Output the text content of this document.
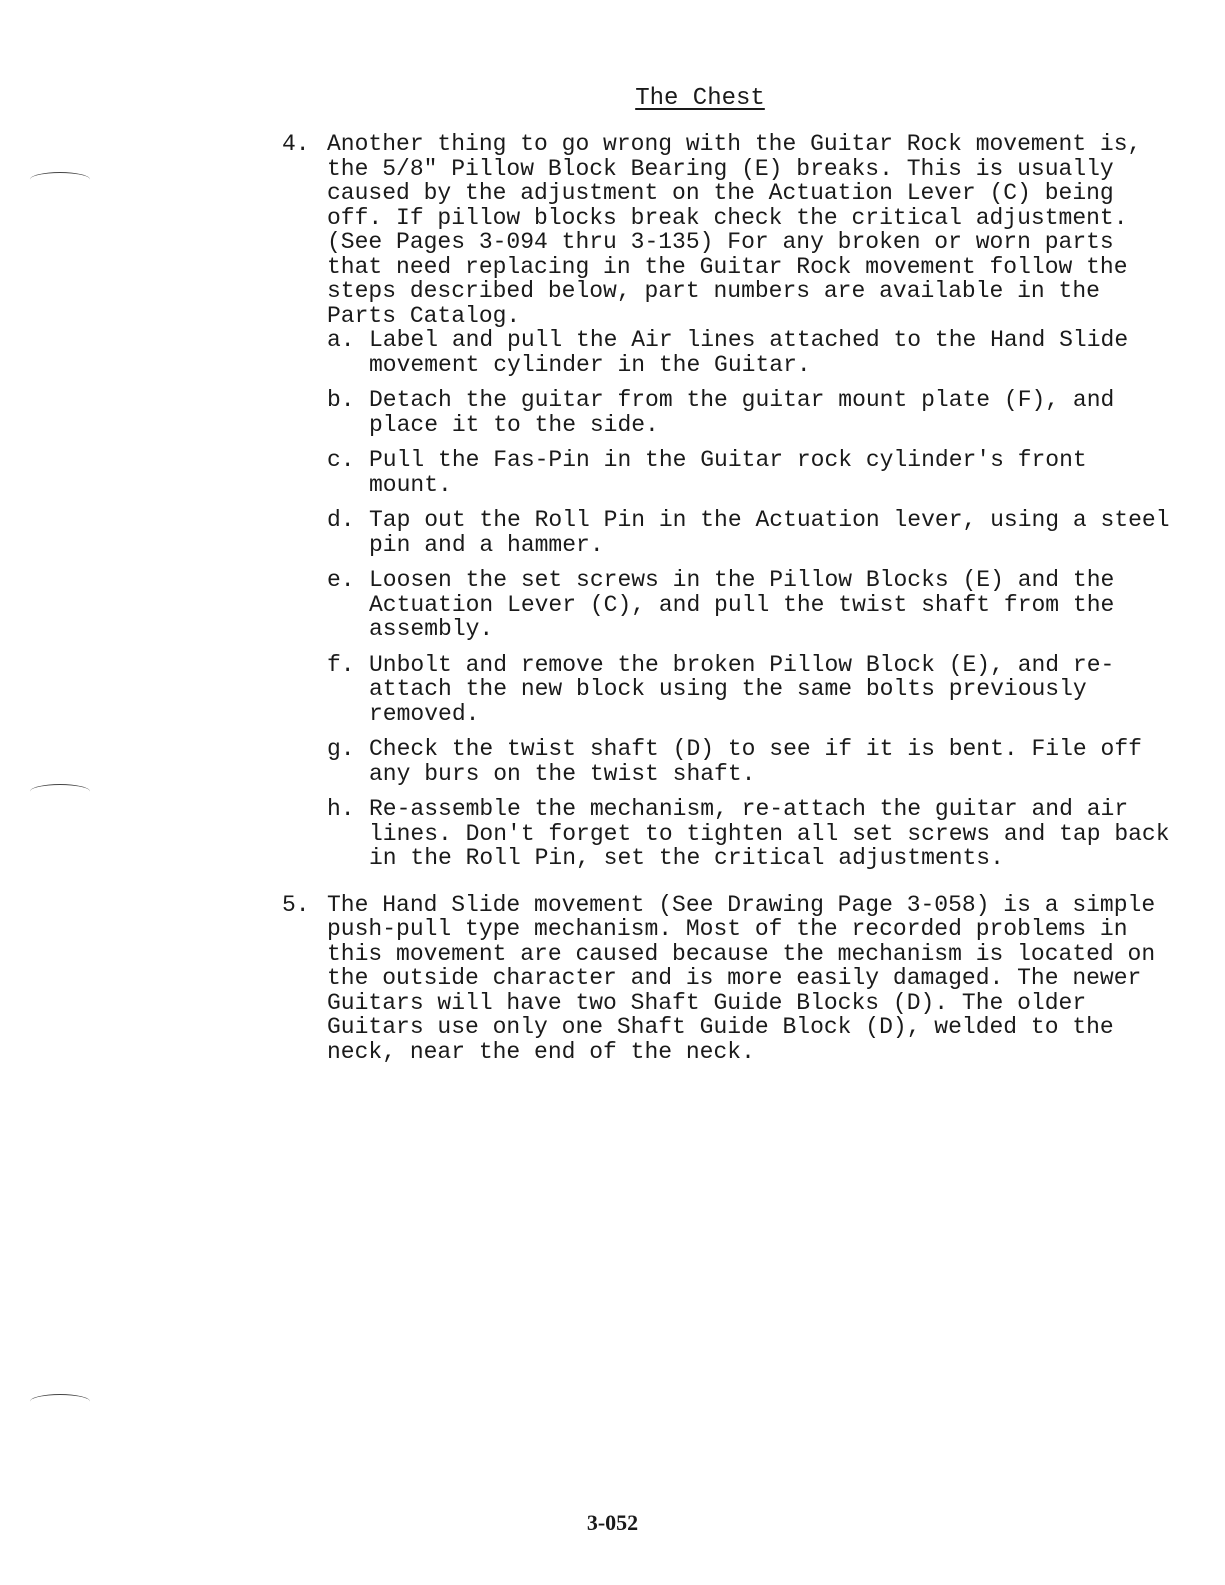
The Chest
4. Another thing to go wrong with the Guitar Rock movement is, the 5/8" Pillow Block Bearing (E) breaks. This is usually caused by the adjustment on the Actuation Lever (C) being off. If pillow blocks break check the critical adjustment. (See Pages 3-094 thru 3-135) For any broken or worn parts that need replacing in the Guitar Rock movement follow the steps described below, part numbers are available in the Parts Catalog.
a. Label and pull the Air lines attached to the Hand Slide movement cylinder in the Guitar.
b. Detach the guitar from the guitar mount plate (F), and place it to the side.
c. Pull the Fas-Pin in the Guitar rock cylinder's front mount.
d. Tap out the Roll Pin in the Actuation lever, using a steel pin and a hammer.
e. Loosen the set screws in the Pillow Blocks (E) and the Actuation Lever (C), and pull the twist shaft from the assembly.
f. Unbolt and remove the broken Pillow Block (E), and re-attach the new block using the same bolts previously removed.
g. Check the twist shaft (D) to see if it is bent. File off any burs on the twist shaft.
h. Re-assemble the mechanism, re-attach the guitar and air lines. Don't forget to tighten all set screws and tap back in the Roll Pin, set the critical adjustments.
5. The Hand Slide movement (See Drawing Page 3-058) is a simple push-pull type mechanism. Most of the recorded problems in this movement are caused because the mechanism is located on the outside character and is more easily damaged. The newer Guitars will have two Shaft Guide Blocks (D). The older Guitars use only one Shaft Guide Block (D), welded to the neck, near the end of the neck.
3-052
